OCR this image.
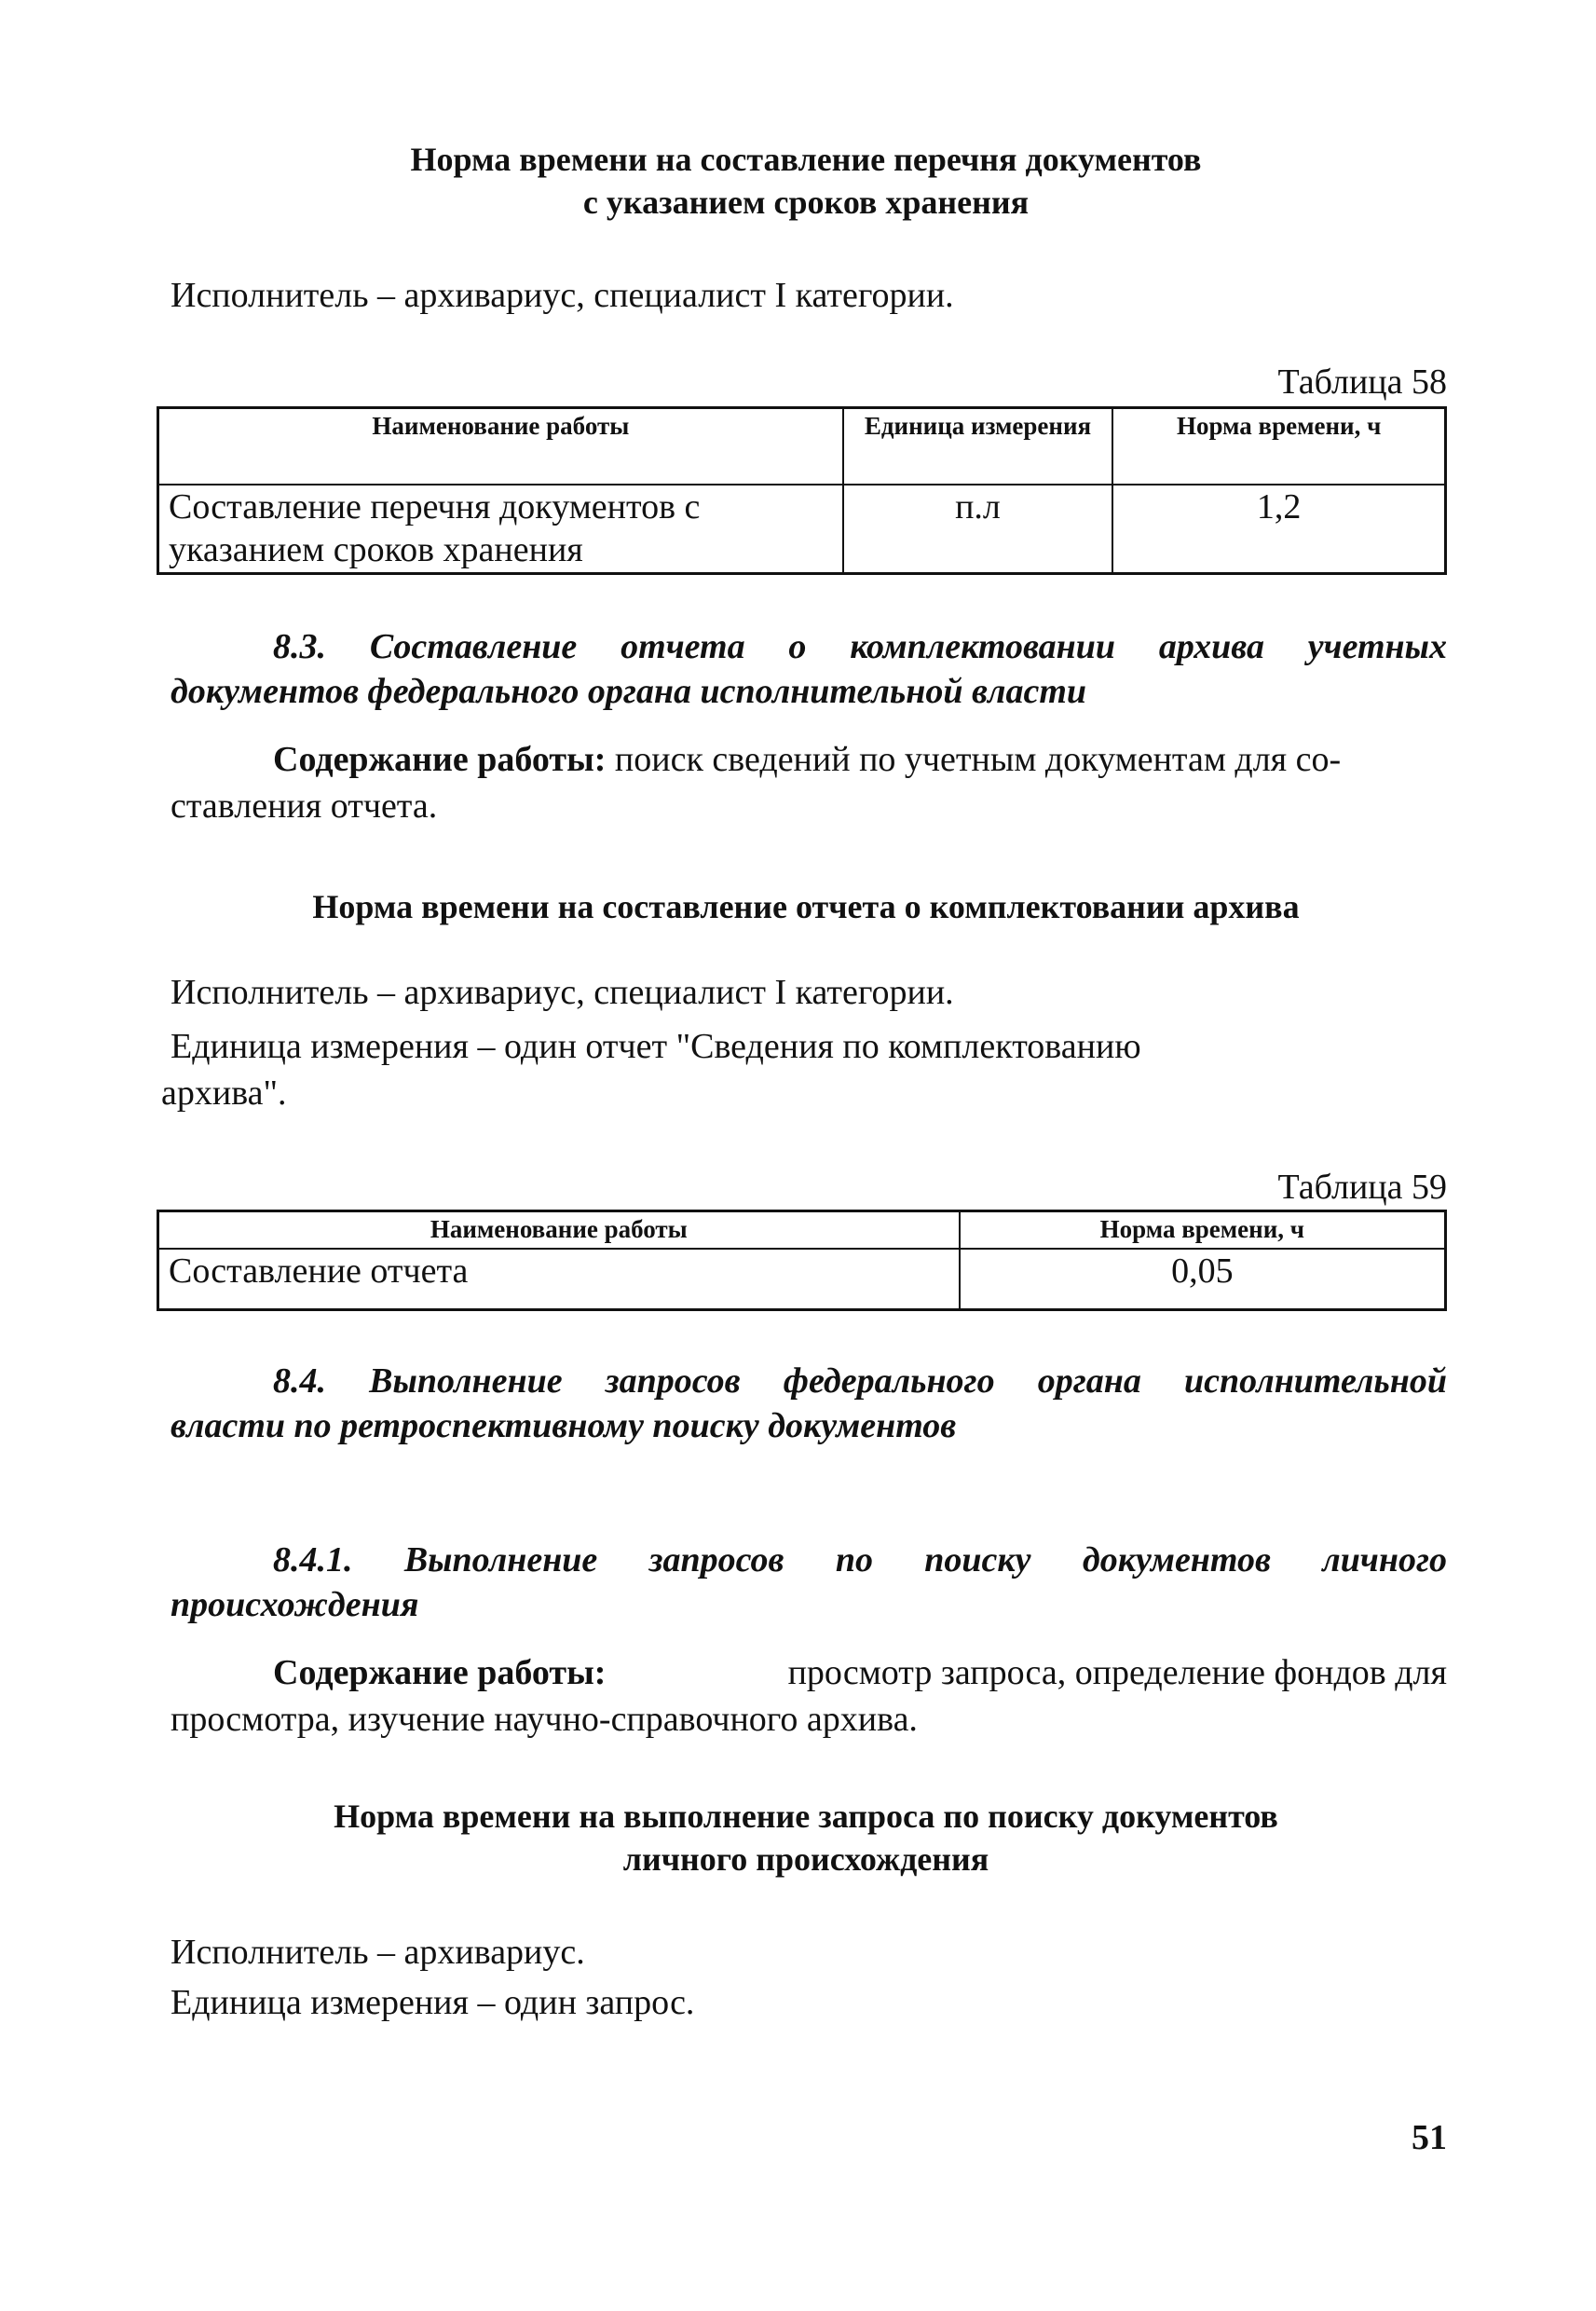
Норма времени на составление перечня документов
с указанием сроков хранения
Исполнитель – архивариус, специалист I категории.
Таблица 58
Наименование работы	Единица измерения	Норма времени, ч

Составление перечня документов с
указанием сроков хранения	п.л	1,2
8.3. Составление отчета о комплектовании архива учетных
документов федерального органа исполнительной власти
Содержание работы: поиск сведений по учетным документам для со-
ставления отчета.
Норма времени на составление отчета о комплектовании архива
Исполнитель – архивариус, специалист I категории.
Единица измерения – один отчет "Сведения по комплектованию
архива".
Таблица 59
Наименование работы	Норма времени, ч
Составление отчета	0,05
8.4. Выполнение запросов федерального органа исполнительной
власти по ретроспективному поиску документов
8.4.1. Выполнение запросов по поиску документов личного
происхождения
Содержание работы:	просмотр запроса, определение фондов для
просмотра, изучение научно-справочного архива.
Норма времени на выполнение запроса по поиску документов
личного происхождения
Исполнитель – архивариус.
Единица измерения – один запрос.
51
